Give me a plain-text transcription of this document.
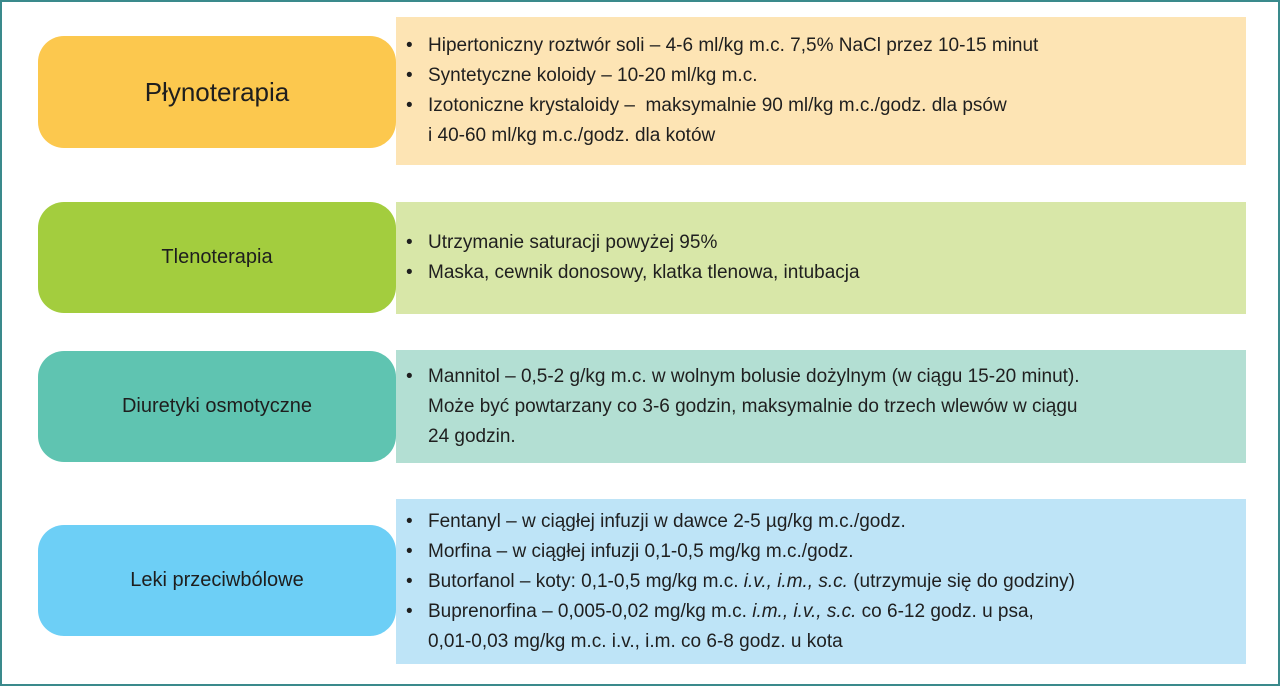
Płynoterapia
• Hipertoniczny roztwór soli – 4-6 ml/kg m.c. 7,5% NaCl przez 10-15 minut
• Syntetyczne koloidy – 10-20 ml/kg m.c.
• Izotoniczne krystaloidy –  maksymalnie 90 ml/kg m.c./godz. dla psów
i 40-60 ml/kg m.c./godz. dla kotów
Tlenoterapia
• Utrzymanie saturacji powyżej 95%
• Maska, cewnik donosowy, klatka tlenowa, intubacja
Diuretyki osmotyczne
• Mannitol – 0,5-2 g/kg m.c. w wolnym bolusie dożylnym (w ciągu 15-20 minut).
Może być powtarzany co 3-6 godzin, maksymalnie do trzech wlewów w ciągu
24 godzin.
Leki przeciwbólowe
• Fentanyl – w ciągłej infuzji w dawce 2-5 µg/kg m.c./godz.
• Morfina – w ciągłej infuzji 0,1-0,5 mg/kg m.c./godz.
• Butorfanol – koty: 0,1-0,5 mg/kg m.c. i.v., i.m., s.c. (utrzymuje się do godziny)
• Buprenorfina – 0,005-0,02 mg/kg m.c. i.m., i.v., s.c. co 6-12 godz. u psa,
0,01-0,03 mg/kg m.c. i.v., i.m. co 6-8 godz. u kota
